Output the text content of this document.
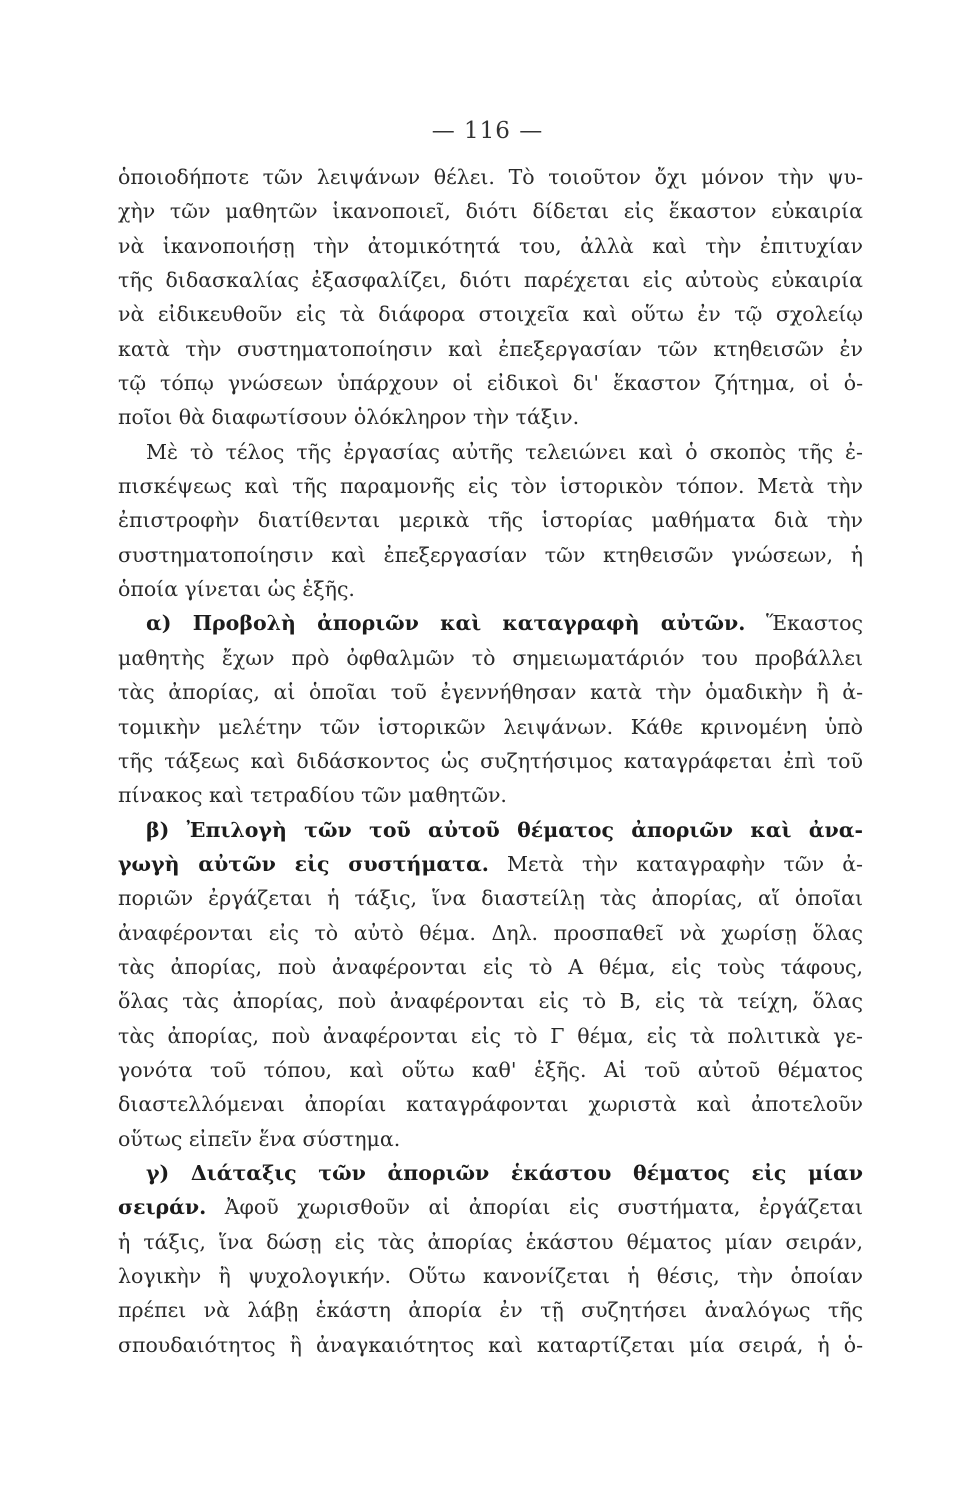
— 116 —
ὁποιοδήποτε τῶν λειψάνων θέλει. Τὸ τοιοῦτον ὄχι μόνον τὴν ψυ-
χὴν τῶν μαθητῶν ἱκανοποιεῖ, διότι δίδεται εἰς ἕκαστον εὐκαιρία
νὰ ἱκανοποιήσῃ τὴν ἀτομικότητά του, ἀλλὰ καὶ τὴν ἐπιτυχίαν
τῆς διδασκαλίας ἐξασφαλίζει, διότι παρέχεται εἰς αὐτοὺς εὐκαιρία
νὰ εἰδικευθοῦν εἰς τὰ διάφορα στοιχεῖα καὶ οὕτω ἐν τῷ σχολείῳ
κατὰ τὴν συστηματοποίησιν καὶ ἐπεξεργασίαν τῶν κτηθεισῶν ἐν
τῷ τόπῳ γνώσεων ὑπάρχουν οἱ εἰδικοὶ δι' ἕκαστον ζήτημα, οἱ ὁ-
ποῖοι θὰ διαφωτίσουν ὁλόκληρον τὴν τάξιν.
Μὲ τὸ τέλος τῆς ἐργασίας αὐτῆς τελειώνει καὶ ὁ σκοπὸς τῆς ἐ-
πισκέψεως καὶ τῆς παραμονῆς εἰς τὸν ἱστορικὸν τόπον. Μετὰ τὴν
ἐπιστροφὴν διατίθενται μερικὰ τῆς ἱστορίας μαθήματα διὰ τὴν
συστηματοποίησιν καὶ ἐπεξεργασίαν τῶν κτηθεισῶν γνώσεων, ἡ
ὁποία γίνεται ὡς ἑξῆς.
α) Προβολὴ ἀποριῶν καὶ καταγραφὴ αὐτῶν. Ἕκαστος
μαθητὴς ἔχων πρὸ ὀφθαλμῶν τὸ σημειωματάριόν του προβάλλει
τὰς ἀπορίας, αἱ ὁποῖαι τοῦ ἐγεννήθησαν κατὰ τὴν ὁμαδικὴν ἢ ἀ-
τομικὴν μελέτην τῶν ἱστορικῶν λειψάνων. Κάθε κρινομένη ὑπὸ
τῆς τάξεως καὶ διδάσκοντος ὡς συζητήσιμος καταγράφεται ἐπὶ τοῦ
πίνακος καὶ τετραδίου τῶν μαθητῶν.
β) Ἐπιλογὴ τῶν τοῦ αὐτοῦ θέματος ἀποριῶν καὶ ἀνα-
γωγὴ αὐτῶν εἰς συστήματα. Μετὰ τὴν καταγραφὴν τῶν ἀ-
ποριῶν ἐργάζεται ἡ τάξις, ἵνα διαστείλῃ τὰς ἀπορίας, αἵ ὁποῖαι
ἀναφέρονται εἰς τὸ αὐτὸ θέμα. Δηλ. προσπαθεῖ νὰ χωρίσῃ ὅλας
τὰς ἀπορίας, ποὺ ἀναφέρονται εἰς τὸ Α θέμα, εἰς τοὺς τάφους,
ὅλας τὰς ἀπορίας, ποὺ ἀναφέρονται εἰς τὸ Β, εἰς τὰ τείχη, ὅλας
τὰς ἀπορίας, ποὺ ἀναφέρονται εἰς τὸ Γ θέμα, εἰς τὰ πολιτικὰ γε-
γονότα τοῦ τόπου, καὶ οὕτω καθ' ἑξῆς. Αἱ τοῦ αὐτοῦ θέματος
διαστελλόμεναι ἀπορίαι καταγράφονται χωριστὰ καὶ ἀποτελοῦν
οὕτως εἰπεῖν ἕνα σύστημα.
γ) Διάταξις τῶν ἀποριῶν ἑκάστου θέματος εἰς μίαν
σειράν. Ἀφοῦ χωρισθοῦν αἱ ἀπορίαι εἰς συστήματα, ἐργάζεται
ἡ τάξις, ἵνα δώσῃ εἰς τὰς ἀπορίας ἑκάστου θέματος μίαν σειράν,
λογικὴν ἢ ψυχολογικήν. Οὕτω κανονίζεται ἡ θέσις, τὴν ὁποίαν
πρέπει νὰ λάβῃ ἑκάστη ἀπορία ἐν τῇ συζητήσει ἀναλόγως τῆς
σπουδαιότητος ἢ ἀναγκαιότητος καὶ καταρτίζεται μία σειρά, ἡ ὁ-
